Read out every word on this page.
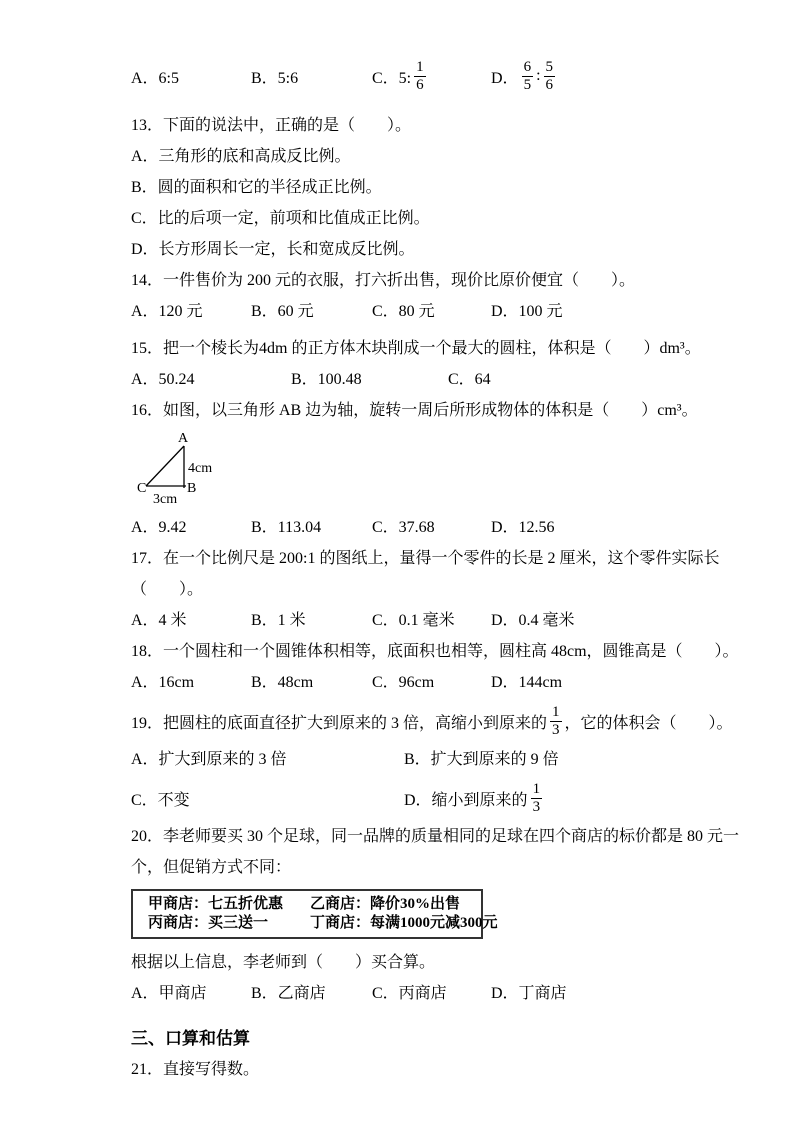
A．6:5	B．5:6	C．5: $\frac{1}{6}$	D． $\frac{6}{5}$ : $\frac{5}{6}$
13．下面的说法中，正确的是（　　）。
A．三角形的底和高成反比例。
B．圆的面积和它的半径成正比例。
C．比的后项一定，前项和比值成正比例。
D．长方形周长一定，长和宽成反比例。
14．一件售价为 200 元的衣服，打六折出售，现价比原价便宜（　　）。
A．120 元	B．60 元	C．80 元	D．100 元
15．把一个棱长为4dm 的正方体木块削成一个最大的圆柱，体积是（　　）dm³。
A．50.24	B．100.48	C．64
16．如图，以三角形 AB 边为轴，旋转一周后所形成物体的体积是（　　）cm³。
A
B
C
4cm
3cm
A．9.42	B．113.04	C．37.68	D．12.56
17．在一个比例尺是 200:1 的图纸上，量得一个零件的长是 2 厘米，这个零件实际长
（　　）。
A．4 米	B．1 米	C．0.1 毫米	D．0.4 毫米
18．一个圆柱和一个圆锥体积相等，底面积也相等，圆柱高 48cm，圆锥高是（　　）。
A．16cm	B．48cm	C．96cm	D．144cm
19．把圆柱的底面直径扩大到原来的 3 倍，高缩小到原来的 $\frac{1}{3}$ ，它的体积会（　　）。
A．扩大到原来的 3 倍	B．扩大到原来的 9 倍
C．不变	D．缩小到原来的 $\frac{1}{3}$
20．李老师要买 30 个足球，同一品牌的质量相同的足球在四个商店的标价都是 80 元一
个，但促销方式不同：
甲商店：七五折优惠	乙商店：降价30%出售
丙商店：买三送一	丁商店：每满1000元减300元
根据以上信息，李老师到（　　）买合算。
A．甲商店	B．乙商店	C．丙商店	D．丁商店
三、口算和估算
21．直接写得数。
